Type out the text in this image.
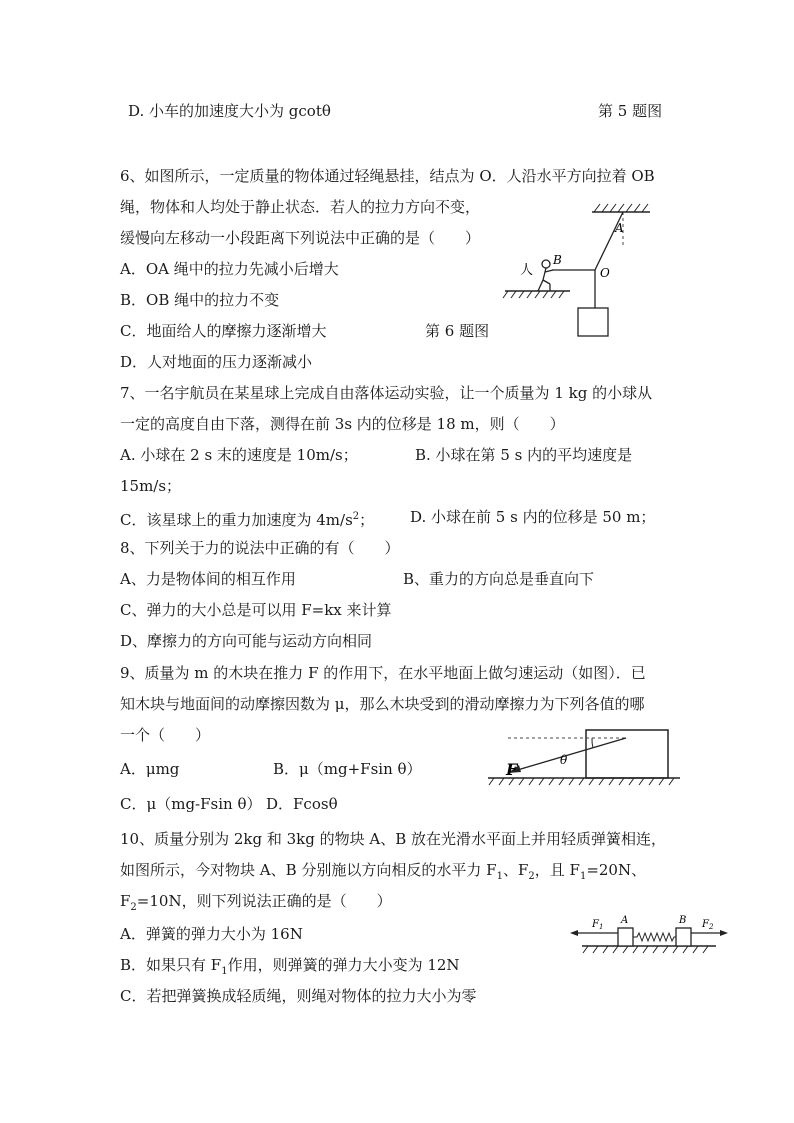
D. 小车的加速度大小为 gcotθ	第 5 题图
6、如图所示，一定质量的物体通过轻绳悬挂，结点为 O．人沿水平方向拉着 OB
绳，物体和人均处于静止状态．若人的拉力方向不变，
缓慢向左移动一小段距离下列说法中正确的是（　　）
A．OA 绳中的拉力先减小后增大
B．OB 绳中的拉力不变
C．地面给人的摩擦力逐渐增大	第 6 题图
D．人对地面的压力逐渐减小
A
B
O
人
7、一名宇航员在某星球上完成自由落体运动实验，让一个质量为 1 kg 的小球从
一定的高度自由下落，测得在前 3s 内的位移是 18 m，则（　　）
A. 小球在 2 s 末的速度是 10m/s；	B. 小球在第 5 s 内的平均速度是
15m/s；
C．该星球上的重力加速度为 $4m/s^2$； D. 小球在前 5 s 内的位移是 50 m；
8、下列关于力的说法中正确的有（　　）
A、力是物体间的相互作用	B、重力的方向总是垂直向下
C、弹力的大小总是可以用 F=kx 来计算
D、摩擦力的方向可能与运动方向相同
9、质量为 m 的木块在推力 F 的作用下，在水平地面上做匀速运动（如图）．已
知木块与地面间的动摩擦因数为 μ，那么木块受到的滑动摩擦力为下列各值的哪
一个（　　）
A．μmg	B．μ（mg+Fsin θ）
C．μ（mg-Fsin θ） D．Fcosθ
F	θ
10、质量分别为 2kg 和 3kg 的物块 A、B 放在光滑水平面上并用轻质弹簧相连，
如图所示，今对物块 A、B 分别施以方向相反的水平力 $F_1$、$F_2$，且 $F_1=20N$、
$F_2=10N$，则下列说法正确的是（　　）
A．弹簧的弹力大小为 16N
B．如果只有 $F_1$作用，则弹簧的弹力大小变为 12N
C．若把弹簧换成轻质绳，则绳对物体的拉力大小为零
A	B
$F_1$	$F_2$
